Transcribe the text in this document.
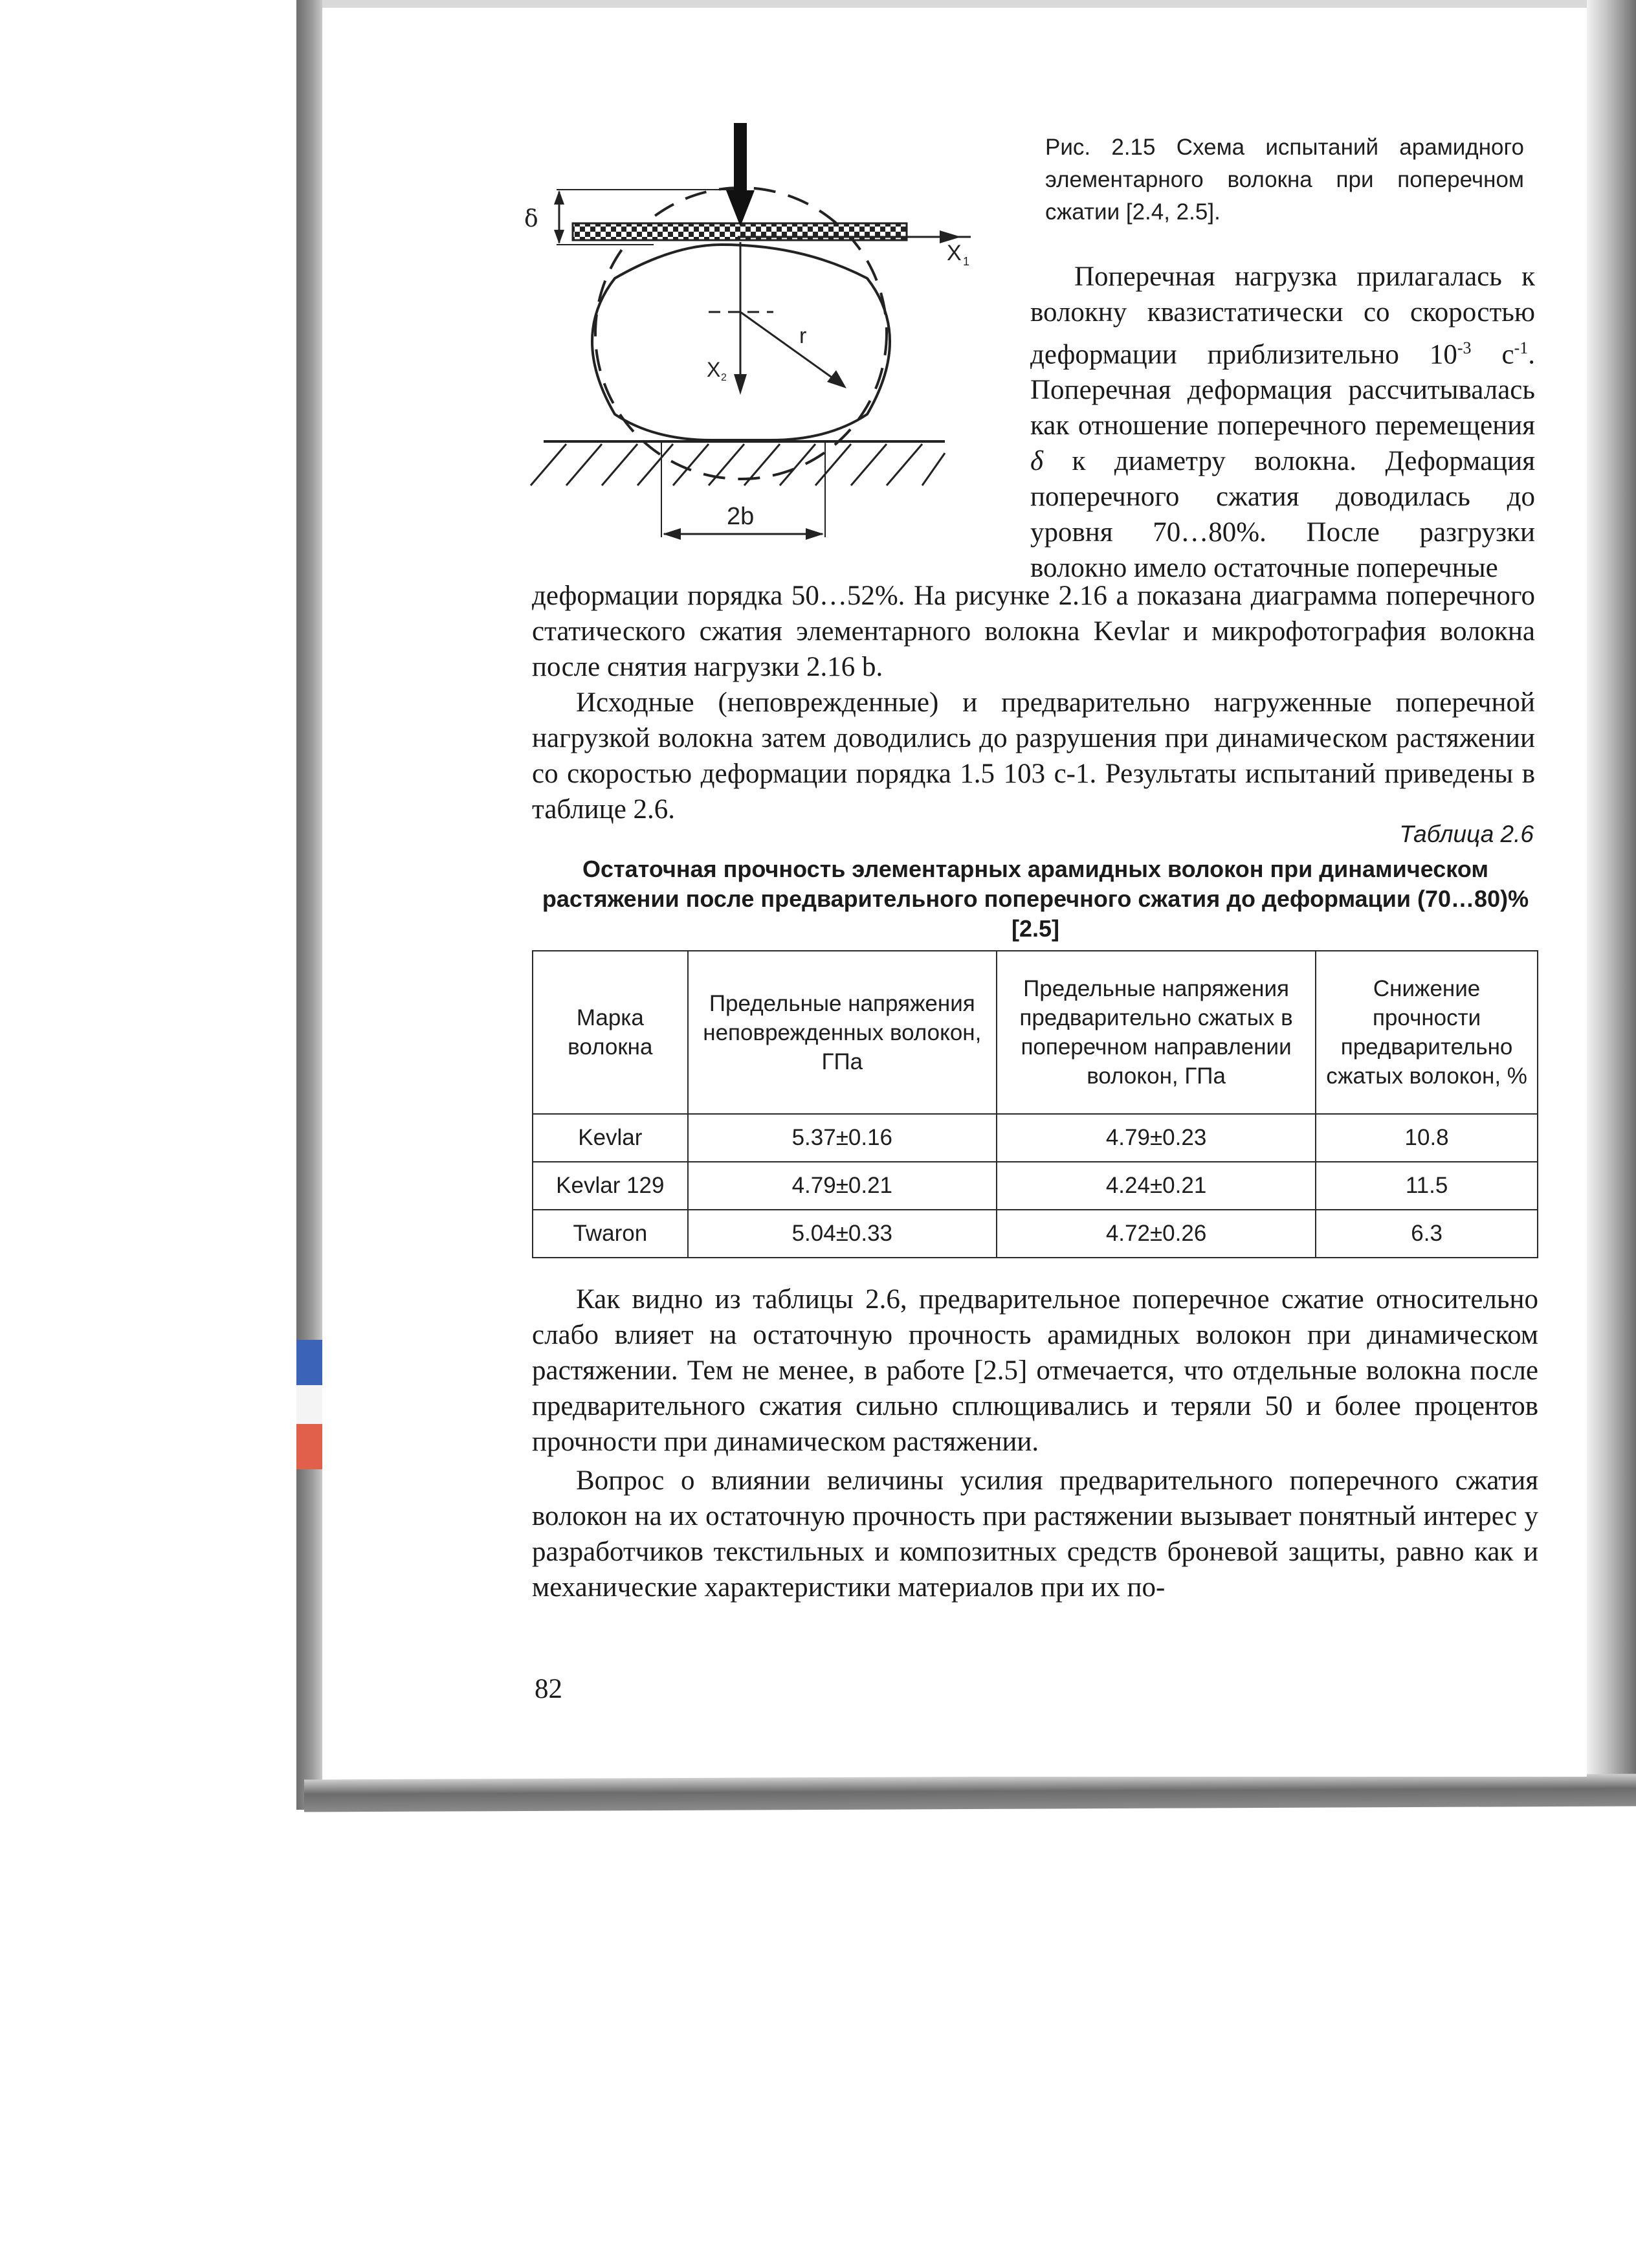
δ
X 1
X 2
r
2b
Рис. 2.15 Схема испытаний арамидного элементарного волокна при поперечном сжатии [2.4, 2.5].
Поперечная нагрузка прилагалась к волокну квазистатически со скоростью деформации приблизительно $10^{-3}$ $с^{-1}$. Поперечная деформация рассчитывалась как отношение поперечного перемещения δ к диаметру волокна. Деформация поперечного сжатия доводилась до уровня 70…80%. После разгрузки волокно имело остаточные поперечные
деформации порядка 50…52%. На рисунке 2.16 а показана диаграмма поперечного статического сжатия элементарного волокна Kevlar и микрофотография волокна после снятия нагрузки 2.16 b.
Исходные (неповрежденные) и предварительно нагруженные поперечной нагрузкой волокна затем доводились до разрушения при динамическом растяжении со скоростью деформации порядка 1.5 103 с-1. Результаты испытаний приведены в таблице 2.6.
Таблица 2.6
Остаточная прочность элементарных арамидных волокон при динамическом растяжении после предварительного поперечного сжатия до деформации (70…80)% [2.5]
Марка волокна	Предельные напряжения неповрежденных волокон, ГПа	Предельные напряжения предварительно сжатых в поперечном направлении волокон, ГПа	Снижение прочности предварительно сжатых волокон, %
Kevlar	5.37±0.16	4.79±0.23	10.8
Kevlar 129	4.79±0.21	4.24±0.21	11.5
Twaron	5.04±0.33	4.72±0.26	6.3
Как видно из таблицы 2.6, предварительное поперечное сжатие относительно слабо влияет на остаточную прочность арамидных волокон при динамическом растяжении. Тем не менее, в работе [2.5] отмечается, что отдельные волокна после предварительного сжатия сильно сплющивались и теряли 50 и более процентов прочности при динамическом растяжении.
Вопрос о влиянии величины усилия предварительного поперечного сжатия волокон на их остаточную прочность при растяжении вызывает понятный интерес у разработчиков текстильных и композитных средств броневой защиты, равно как и механические характеристики материалов при их по-
82
